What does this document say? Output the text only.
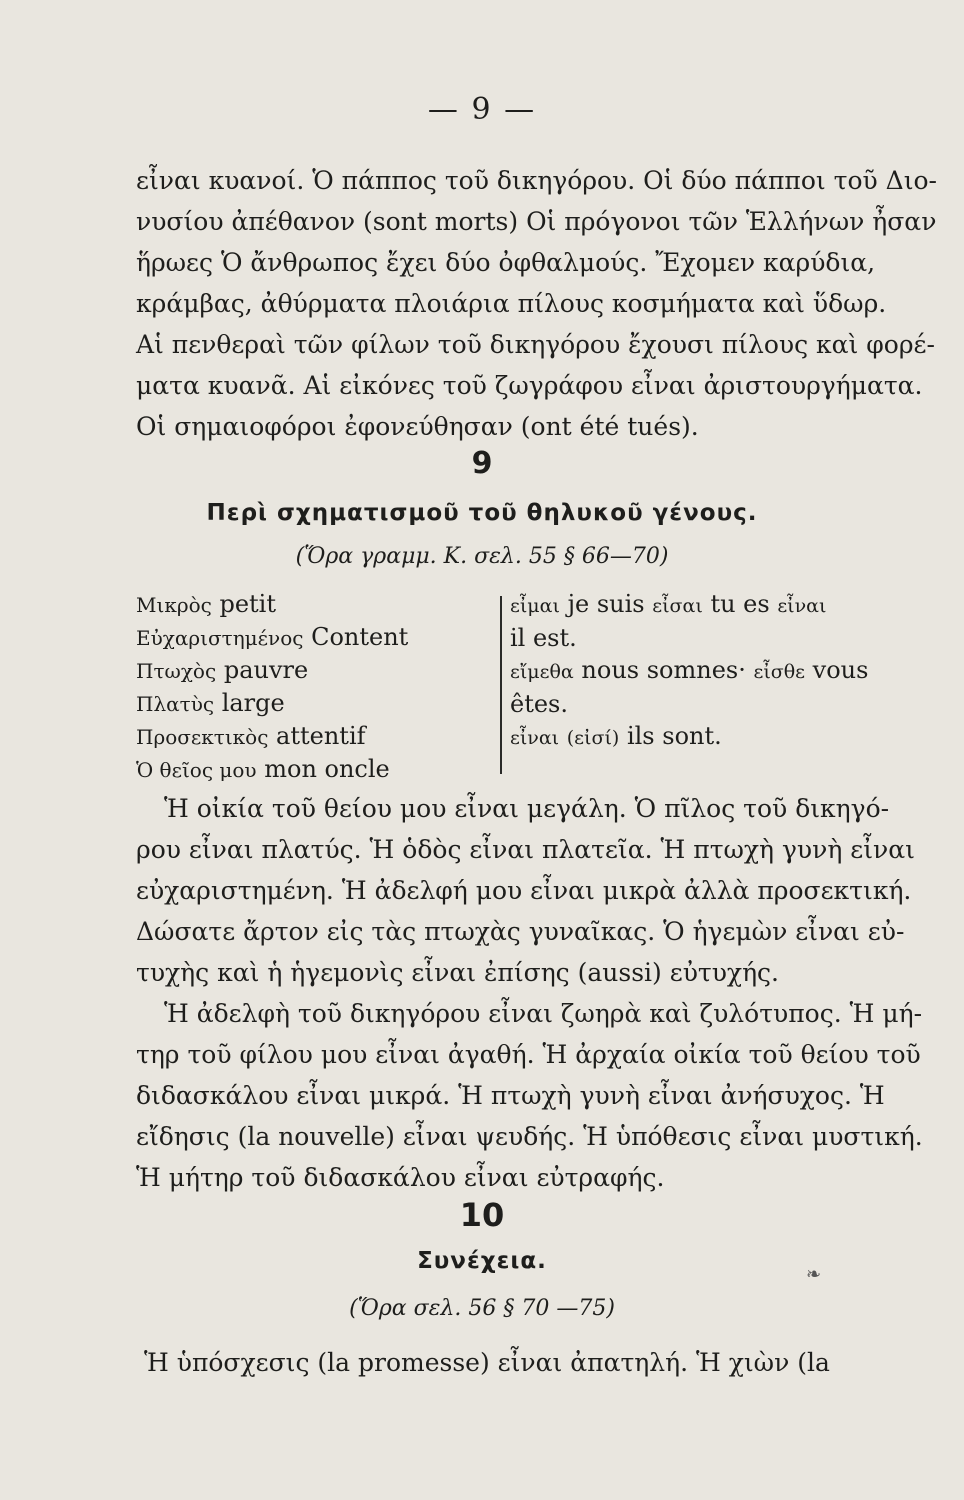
— 9 —
εἶναι κυανοί. Ὁ πάππος τοῦ δικηγόρου. Οἱ δύο πάπποι τοῦ Διο-
νυσίου ἀπέθανον (sont morts) Οἱ πρόγονοι τῶν Ἑλλήνων ἦσαν
ἥρωες Ὁ ἄνθρωπος ἔχει δύο ὀφθαλμούς. Ἔχομεν καρύδια,
κράμβας, ἀθύρματα πλοιάρια πίλους κοσμήματα καὶ ὕδωρ.
Αἱ πενθεραὶ τῶν φίλων τοῦ δικηγόρου ἔχουσι πίλους καὶ φορέ-
ματα κυανᾶ. Αἱ εἰκόνες τοῦ ζωγράφου εἶναι ἀριστουργήματα.
Οἱ σημαιοφόροι ἐφονεύθησαν (ont été tués).
9
Περὶ σχηματισμοῦ τοῦ θηλυκοῦ γένους.
(Ὅρα γραμμ. Κ. σελ. 55 § 66—70)
Μικρὸς petit
Εὐχαριστημένος Content
Πτωχὸς pauvre
Πλατὺς large
Προσεκτικὸς attentif
Ὁ θεῖος μου mon oncle
εἶμαι je suis εἶσαι tu es εἶναι
il est.
εἴμεθα nous somnes· εἶσθε vous
êtes.
εἶναι (εἰσί) ils sont.
Ἡ οἰκία τοῦ θείου μου εἶναι μεγάλη. Ὁ πῖλος τοῦ δικηγό-
ρου εἶναι πλατύς. Ἡ ὁδὸς εἶναι πλατεῖα. Ἡ πτωχὴ γυνὴ εἶναι
εὐχαριστημένη. Ἡ ἀδελφή μου εἶναι μικρὰ ἀλλὰ προσεκτική.
Δώσατε ἄρτον εἰς τὰς πτωχὰς γυναῖκας. Ὁ ἡγεμὼν εἶναι εὐ-
τυχὴς καὶ ἡ ἡγεμονὶς εἶναι ἐπίσης (aussi) εὐτυχής.
Ἡ ἀδελφὴ τοῦ δικηγόρου εἶναι ζωηρὰ καὶ ζυλότυπος. Ἡ μή-
τηρ τοῦ φίλου μου εἶναι ἀγαθή. Ἡ ἀρχαία οἰκία τοῦ θείου τοῦ
διδασκάλου εἶναι μικρά. Ἡ πτωχὴ γυνὴ εἶναι ἀνήσυχος. Ἡ
εἴδησις (la nouvelle) εἶναι ψευδής. Ἡ ὑπόθεσις εἶναι μυστική.
Ἡ μήτηρ τοῦ διδασκάλου εἶναι εὐτραφής.
10
Συνέχεια.
❧
(Ὅρα σελ. 56 § 70 —75)
Ἡ ὑπόσχεσις (la promesse) εἶναι ἀπατηλή. Ἡ χιὼν (la
